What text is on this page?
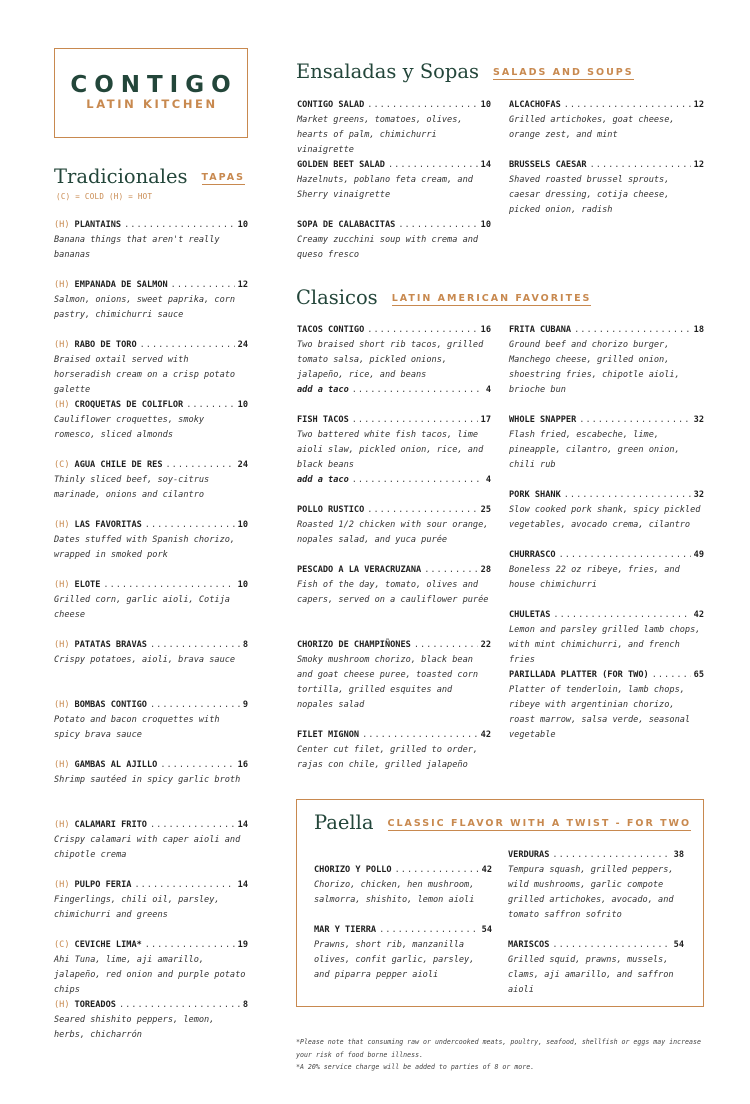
CONTIGO
LATIN KITCHEN
Tradicionales TAPAS
(C) = COLD (H) = HOT
(H) PLANTAINS .....	10
Banana things that aren't really bananas
(H) EMPANADA DE SALMON .....	12
Salmon, onions, sweet paprika, corn pastry, chimichurri sauce
(H) RABO DE TORO .....	24
Braised oxtail served with horseradish cream on a crisp potato galette
(H) CROQUETAS DE COLIFLOR .....	10
Cauliflower croquettes, smoky romesco, sliced almonds
(C) AGUA CHILE DE RES .....	24
Thinly sliced beef, soy-citrus marinade, onions and cilantro
(H) LAS FAVORITAS .....	10
Dates stuffed with Spanish chorizo, wrapped in smoked pork
(H) ELOTE .....	10
Grilled corn, garlic aioli, Cotija cheese
(H) PATATAS BRAVAS .....	8
Crispy potatoes, aioli, brava sauce
(H) BOMBAS CONTIGO .....	9
Potato and bacon croquettes with spicy brava sauce
(H) GAMBAS AL AJILLO .....	16
Shrimp sautéed in spicy garlic broth
(H) CALAMARI FRITO .....	14
Crispy calamari with caper aioli and chipotle crema
(H) PULPO FERIA .....	14
Fingerlings, chili oil, parsley, chimichurri and greens
(C) CEVICHE LIMA* .....	19
Ahi Tuna, lime, aji amarillo, jalapeño, red onion and purple potato chips
(H) TOREADOS .....	8
Seared shishito peppers, lemon, herbs, chicharrón
Ensaladas y Sopas SALADS AND SOUPS
CONTIGO SALAD .....	10
Market greens, tomatoes, olives, hearts of palm, chimichurri vinaigrette
GOLDEN BEET SALAD .....	14
Hazelnuts, poblano feta cream, and Sherry vinaigrette
SOPA DE CALABACITAS .....	10
Creamy zucchini soup with crema and queso fresco
ALCACHOFAS .....	12
Grilled artichokes, goat cheese, orange zest, and mint
BRUSSELS CAESAR .....	12
Shaved roasted brussel sprouts, caesar dressing, cotija cheese, picked onion, radish
Clasicos LATIN AMERICAN FAVORITES
TACOS CONTIGO .....	16
Two braised short rib tacos, grilled tomato salsa, pickled onions, jalapeño, rice, and beans
add a taco .....	4
FISH TACOS .....	17
Two battered white fish tacos, lime aioli slaw, pickled onion, rice, and black beans
add a taco .....	4
POLLO RUSTICO .....	25
Roasted 1/2 chicken with sour orange, nopales salad, and yuca purée
PESCADO A LA VERACRUZANA .....	28
Fish of the day, tomato, olives and capers, served on a cauliflower purée
CHORIZO DE CHAMPIÑONES .....	22
Smoky mushroom chorizo, black bean and goat cheese puree, toasted corn tortilla, grilled esquites and nopales salad
FILET MIGNON .....	42
Center cut filet, grilled to order, rajas con chile, grilled jalapeño
FRITA CUBANA .....	18
Ground beef and chorizo burger, Manchego cheese, grilled onion, shoestring fries, chipotle aioli, brioche bun
WHOLE SNAPPER .....	32
Flash fried, escabeche, lime, pineapple, cilantro, green onion, chili rub
PORK SHANK .....	32
Slow cooked pork shank, spicy pickled vegetables, avocado crema, cilantro
CHURRASCO .....	49
Boneless 22 oz ribeye, fries, and house chimichurri
CHULETAS .....	42
Lemon and parsley grilled lamb chops, with mint chimichurri, and french fries
PARILLADA PLATTER (FOR TWO) .....	65
Platter of tenderloin, lamb chops, ribeye with argentinian chorizo, roast marrow, salsa verde, seasonal vegetable
Paella CLASSIC FLAVOR WITH A TWIST - FOR TWO
CHORIZO Y POLLO .....	42
Chorizo, chicken, hen mushroom, salmorra, shishito, lemon aioli
MAR Y TIERRA .....	54
Prawns, short rib, manzanilla olives, confit garlic, parsley, and piparra pepper aioli
VERDURAS .....	38
Tempura squash, grilled peppers, wild mushrooms, garlic compote grilled artichokes, avocado, and tomato saffron sofrito
MARISCOS .....	54
Grilled squid, prawns, mussels, clams, aji amarillo, and saffron aioli
*Please note that consuming raw or undercooked meats, poultry, seafood, shellfish or eggs may increase your risk of food borne illness.
*A 20% service charge will be added to parties of 8 or more.
